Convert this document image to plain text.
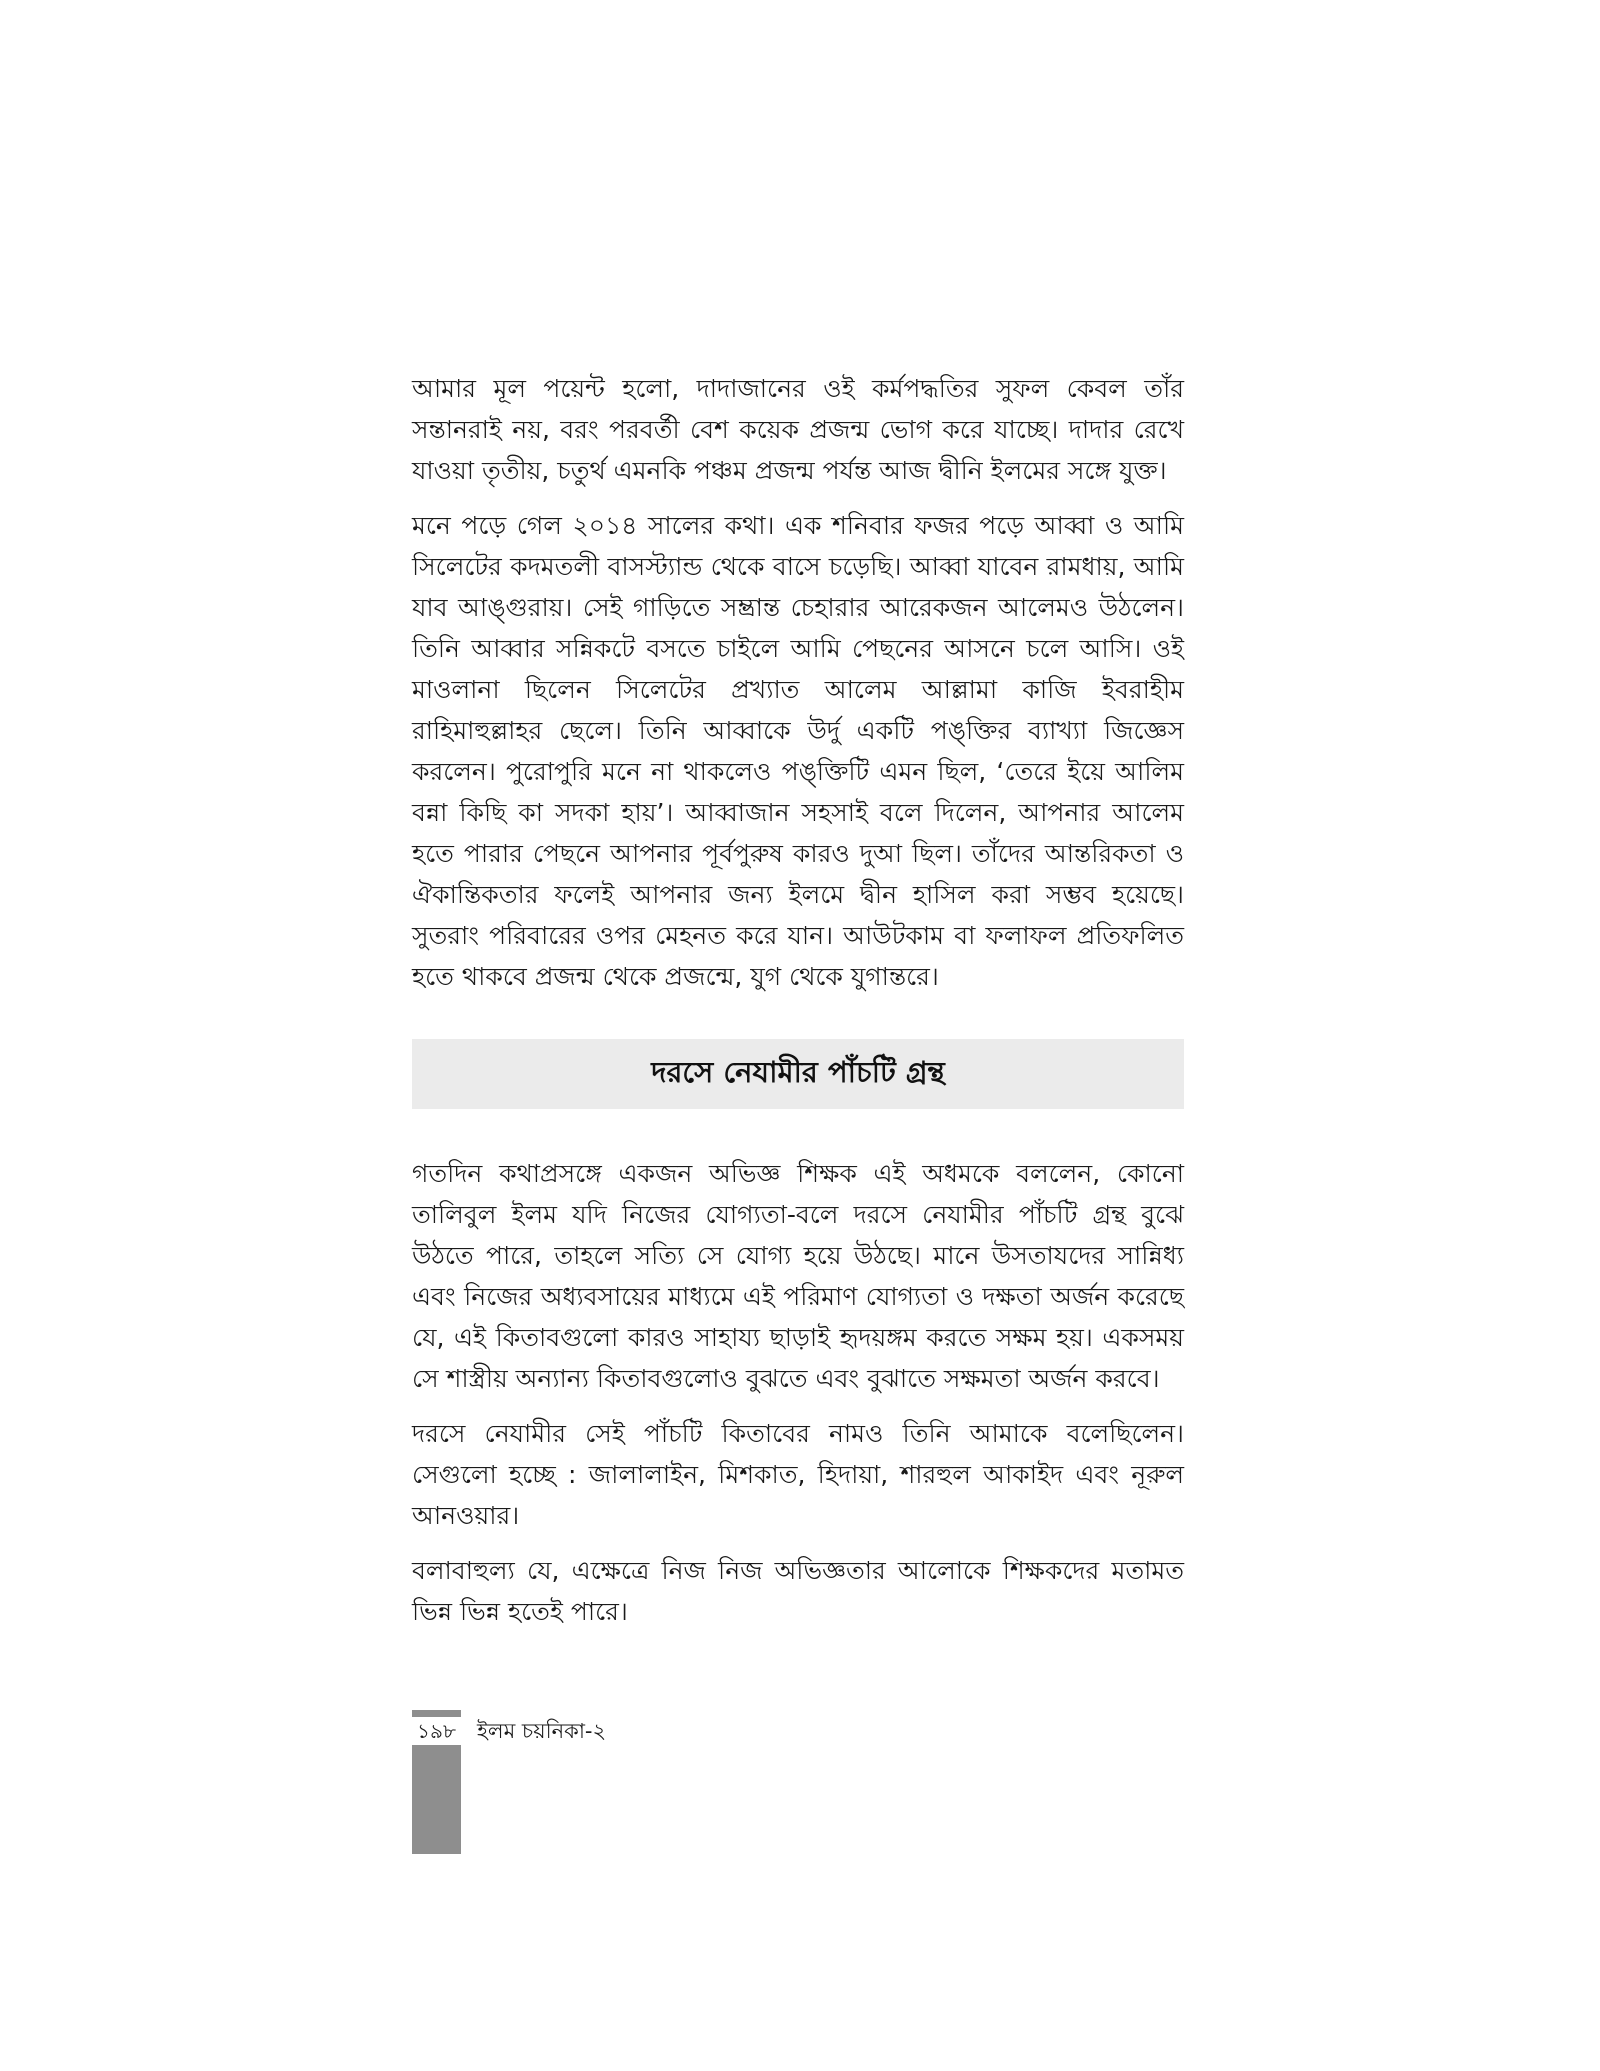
আমার মূল পয়েন্ট হলো, দাদাজানের ওই কর্মপদ্ধতির সুফল কেবল তাঁর সন্তানরাই নয়, বরং পরবর্তী বেশ কয়েক প্রজন্ম ভোগ করে যাচ্ছে। দাদার রেখে যাওয়া তৃতীয়, চতুর্থ এমনকি পঞ্চম প্রজন্ম পর্যন্ত আজ দ্বীনি ইলমের সঙ্গে যুক্ত।

মনে পড়ে গেল ২০১৪ সালের কথা। এক শনিবার ফজর পড়ে আব্বা ও আমি সিলেটের কদমতলী বাসস্ট্যান্ড থেকে বাসে চড়েছি। আব্বা যাবেন রামধায়, আমি যাব আঙ্গুরায়। সেই গাড়িতে সম্ভ্রান্ত চেহারার আরেকজন আলেমও উঠলেন। তিনি আব্বার সন্নিকটে বসতে চাইলে আমি পেছনের আসনে চলে আসি। ওই মাওলানা ছিলেন সিলেটের প্রখ্যাত আলেম আল্লামা কাজি ইবরাহীম রাহিমাহুল্লাহর ছেলে। তিনি আব্বাকে উর্দু একটি পঙ্‌ক্তির ব্যাখ্যা জিজ্ঞেস করলেন। পুরোপুরি মনে না থাকলেও পঙ্‌ক্তিটি এমন ছিল, ‘তেরে ইয়ে আলিম বন্না কিছি কা সদকা হায়’। আব্বাজান সহসাই বলে দিলেন, আপনার আলেম হতে পারার পেছনে আপনার পূর্বপুরুষ কারও দুআ ছিল। তাঁদের আন্তরিকতা ও ঐকান্তিকতার ফলেই আপনার জন্য ইলমে দ্বীন হাসিল করা সম্ভব হয়েছে। সুতরাং পরিবারের ওপর মেহনত করে যান। আউটকাম বা ফলাফল প্রতিফলিত হতে থাকবে প্রজন্ম থেকে প্রজন্মে, যুগ থেকে যুগান্তরে।

দরসে নেযামীর পাঁচটি গ্রন্থ

গতদিন কথাপ্রসঙ্গে একজন অভিজ্ঞ শিক্ষক এই অধমকে বললেন, কোনো তালিবুল ইলম যদি নিজের যোগ্যতা-বলে দরসে নেযামীর পাঁচটি গ্রন্থ বুঝে উঠতে পারে, তাহলে সত্যি সে যোগ্য হয়ে উঠছে। মানে উসতাযদের সান্নিধ্য এবং নিজের অধ্যবসায়ের মাধ্যমে এই পরিমাণ যোগ্যতা ও দক্ষতা অর্জন করেছে যে, এই কিতাবগুলো কারও সাহায্য ছাড়াই হৃদয়ঙ্গম করতে সক্ষম হয়। একসময় সে শাস্ত্রীয় অন্যান্য কিতাবগুলোও বুঝতে এবং বুঝাতে সক্ষমতা অর্জন করবে।

দরসে নেযামীর সেই পাঁচটি কিতাবের নামও তিনি আমাকে বলেছিলেন। সেগুলো হচ্ছে : জালালাইন, মিশকাত, হিদায়া, শারহুল আকাইদ এবং নূরুল আনওয়ার।

বলাবাহুল্য যে, এক্ষেত্রে নিজ নিজ অভিজ্ঞতার আলোকে শিক্ষকদের মতামত ভিন্ন ভিন্ন হতেই পারে।

১৯৮ ইলম চয়নিকা-২
